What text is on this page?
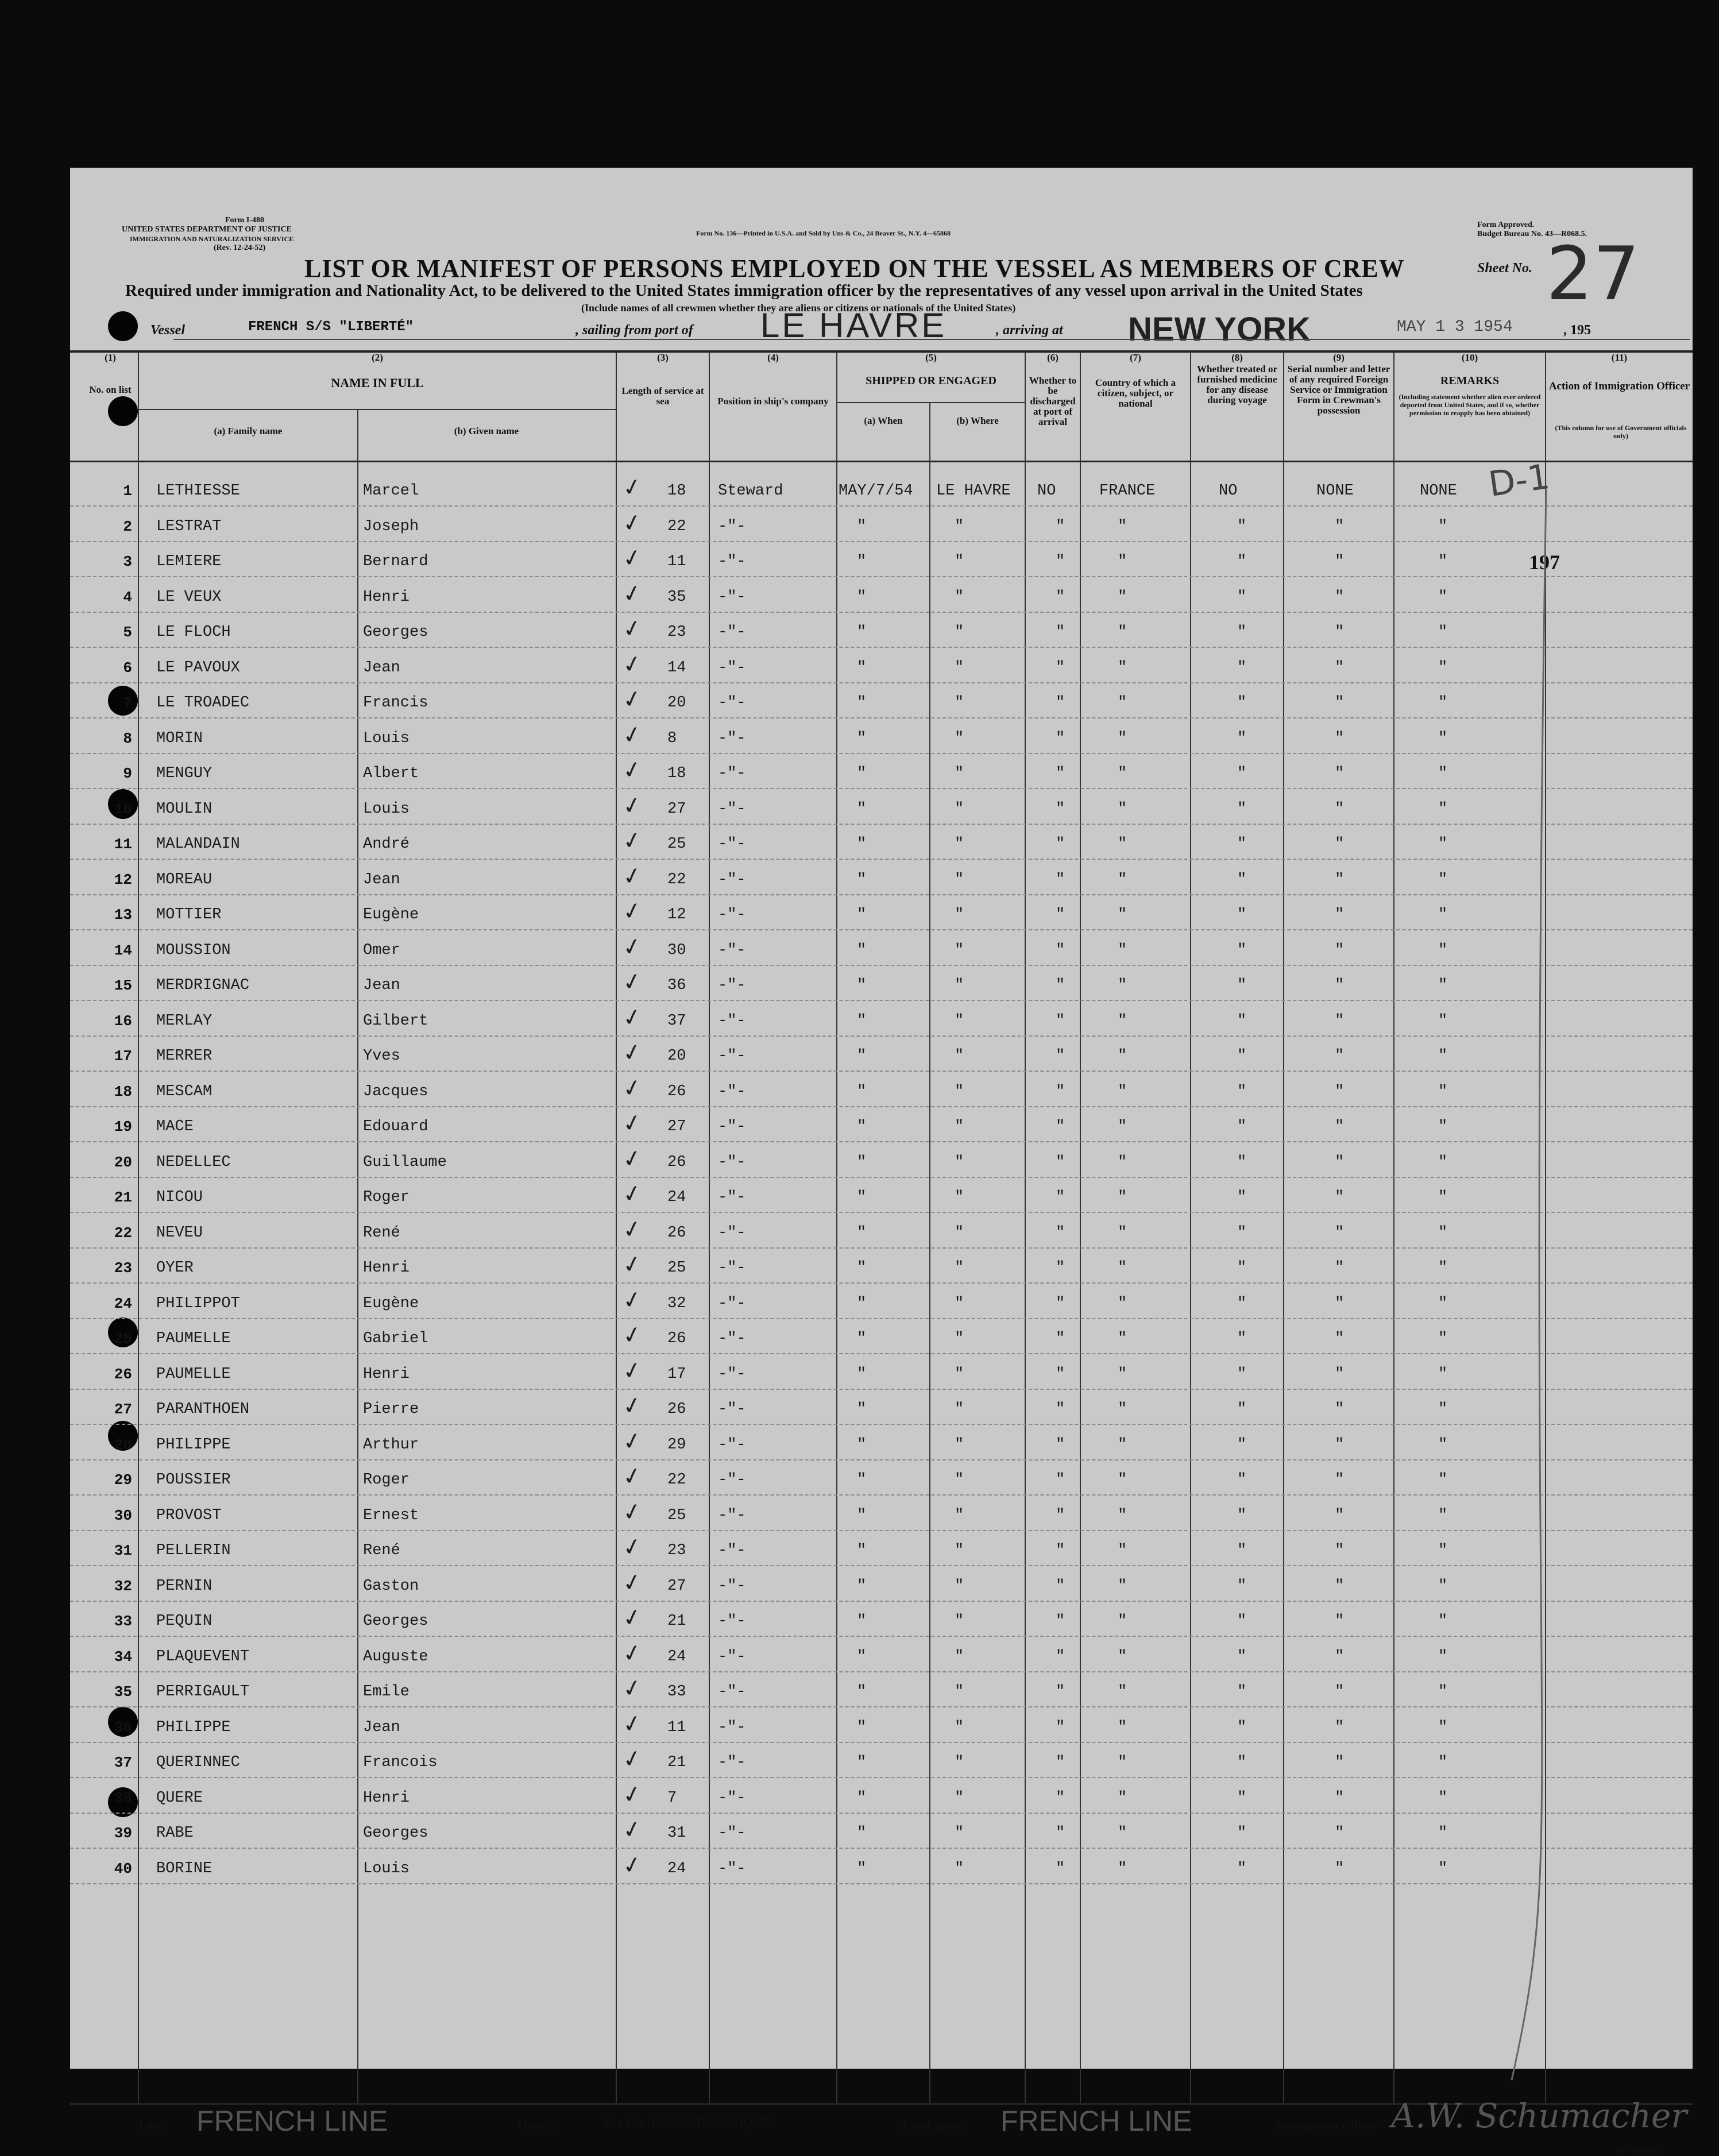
Form I-480
UNITED STATES DEPARTMENT OF JUSTICE
IMMIGRATION AND NATURALIZATION SERVICE
(Rev. 12-24-52)
Form No. 136—Printed in U.S.A. and Sold by Uns & Co., 24 Beaver St., N.Y. 4—65868
Form Approved.
Budget Bureau No. 43—R068.5.
LIST OR MANIFEST OF PERSONS EMPLOYED ON THE VESSEL AS MEMBERS OF CREW	Sheet No. 27
Required under immigration and Nationality Act, to be delivered to the United States immigration officer by the representatives of any vessel upon arrival in the United States
(Include names of all crewmen whether they are aliens or citizens or nationals of the United States)
Vessel	FRENCH S/S "LIBERTÉ"	, sailing from port of LE HAVRE	, arriving at NEW YORK	MAY 1 3 1954	, 195
(1)
No. on list
(2)
NAME IN FULL
(a) Family name	(b) Given name
(3)
Length of service at sea
(4)
Position in ship's company
(5)
SHIPPED OR ENGAGED
(a) When	(b) Where
(6)
Whether to be discharged at port of arrival
(7)
Country of which a citizen, subject, or national
(8)
Whether treated or furnished medicine for any disease during voyage
(9)
Serial number and letter of any required Foreign Service or Immigration Form in Crewman's possession
(10)
REMARKS
(Including statement whether alien ever ordered deported from United States, and if so, whether permission to reapply has been obtained)
(11)
Action of Immigration Officer
(This column for use of Government officials only)
1 LETHIESSE	Marcel	18 Steward	MAY/7/54 LE HAVRE NO	FRANCE	NO	NONE	NONE
✓
2 LESTRAT	Joseph	22 -"-	"	"	"	"	"	"	"
✓
3 LEMIERE	Bernard	11 -"-	"	"	"	"	"	"	"
✓
4 LE VEUX	Henri	35 -"-	"	"	"	"	"	"	"
✓
5 LE FLOCH	Georges	23 -"-	"	"	"	"	"	"	"
✓
6 LE PAVOUX	Jean	14 -"-	"	"	"	"	"	"	"
✓
7 LE TROADEC	Francis	20 -"-	"	"	"	"	"	"	"
✓
8 MORIN	Louis	8	-"-	"	"	"	"	"	"	"
✓
9 MENGUY	Albert	18 -"-	"	"	"	"	"	"	"
✓
10 MOULIN	Louis	27 -"-	"	"	"	"	"	"	"
✓
11 MALANDAIN	André	25 -"-	"	"	"	"	"	"	"
✓
12 MOREAU	Jean	22 -"-	"	"	"	"	"	"	"
✓
13 MOTTIER	Eugène	12 -"-	"	"	"	"	"	"	"
✓
14 MOUSSION	Omer	30 -"-	"	"	"	"	"	"	"
✓
15 MERDRIGNAC	Jean	36 -"-	"	"	"	"	"	"	"
✓
16 MERLAY	Gilbert	37 -"-	"	"	"	"	"	"	"
✓
17 MERRER	Yves	20 -"-	"	"	"	"	"	"	"
✓
18 MESCAM	Jacques	26 -"-	"	"	"	"	"	"	"
✓
19 MACE	Edouard	27 -"-	"	"	"	"	"	"	"
✓
20 NEDELLEC	Guillaume	26 -"-	"	"	"	"	"	"	"
✓
21 NICOU	Roger	24 -"-	"	"	"	"	"	"	"
✓
22 NEVEU	René	26 -"-	"	"	"	"	"	"	"
✓
23 OYER	Henri	25 -"-	"	"	"	"	"	"	"
✓
24 PHILIPPOT	Eugène	32 -"-	"	"	"	"	"	"	"
✓
25 PAUMELLE	Gabriel	26 -"-	"	"	"	"	"	"	"
✓
26 PAUMELLE	Henri	17 -"-	"	"	"	"	"	"	"
✓
27 PARANTHOEN	Pierre	26 -"-	"	"	"	"	"	"	"
✓
28 PHILIPPE	Arthur	29 -"-	"	"	"	"	"	"	"
✓
29 POUSSIER	Roger	22 -"-	"	"	"	"	"	"	"
✓
30 PROVOST	Ernest	25 -"-	"	"	"	"	"	"	"
✓
31 PELLERIN	René	23 -"-	"	"	"	"	"	"	"
✓
32 PERNIN	Gaston	27 -"-	"	"	"	"	"	"	"
✓
33 PEQUIN	Georges	21 -"-	"	"	"	"	"	"	"
✓
34 PLAQUEVENT	Auguste	24 -"-	"	"	"	"	"	"	"
✓
35 PERRIGAULT	Emile	33 -"-	"	"	"	"	"	"	"
✓
36 PHILIPPE	Jean	11 -"-	"	"	"	"	"	"	"
✓
37 QUERINNEC	Francois	21 -"-	"	"	"	"	"	"	"
✓
38 QUERE	Henri	7	-"-	"	"	"	"	"	"	"
✓
39 RABE	Georges	31 -"-	"	"	"	"	"	"	"
✓
40 BORINE	Louis	24 -"-	"	"	"	"	"	"	"
✓
D-1
197
Line FRENCH LINE	Owners	Cie Gle TRANSATLANTIQUE	Local Agents FRENCH LINE	Immigration Officer A.W. Schumacher
16—67829-1
